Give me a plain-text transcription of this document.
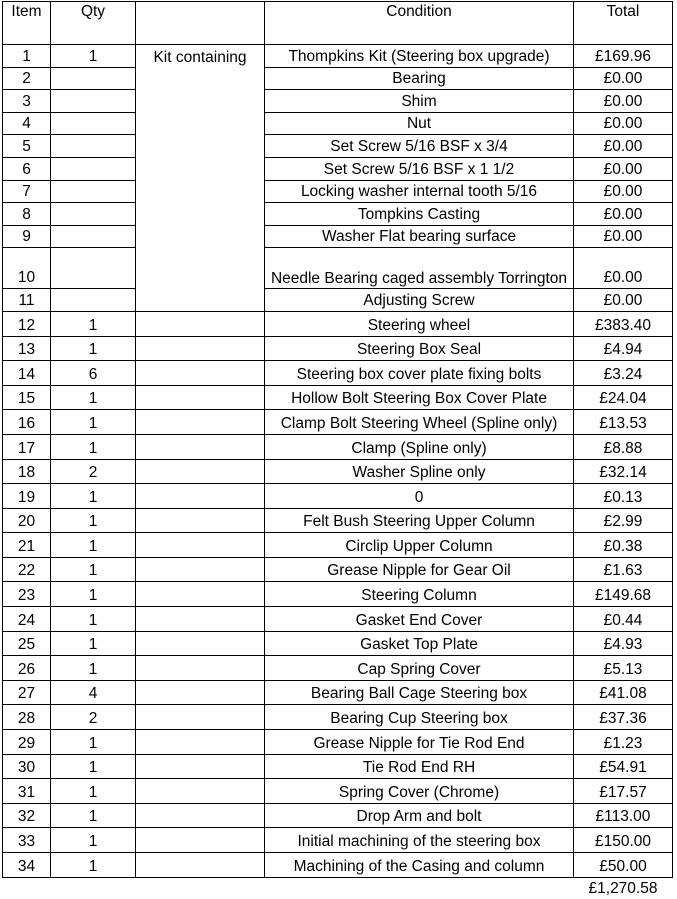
Item	Qty		Condition	Total
1	1	Kit containing	Thompkins Kit (Steering box upgrade)	£169.96
2			Bearing	£0.00
3			Shim	£0.00
4			Nut	£0.00
5			Set Screw 5/16 BSF x 3/4	£0.00
6			Set Screw 5/16 BSF x 1 1/2	£0.00
7			Locking washer internal tooth 5/16	£0.00
8			Tompkins Casting	£0.00
9			Washer Flat bearing surface	£0.00
10			Needle Bearing caged assembly Torrington	£0.00
11			Adjusting Screw	£0.00
12	1		Steering wheel	£383.40
13	1		Steering Box Seal	£4.94
14	6		Steering box cover plate fixing bolts	£3.24
15	1		Hollow Bolt Steering Box Cover Plate	£24.04
16	1		Clamp Bolt Steering Wheel (Spline only)	£13.53
17	1		Clamp (Spline only)	£8.88
18	2		Washer Spline only	£32.14
19	1		0	£0.13
20	1		Felt Bush Steering Upper Column	£2.99
21	1		Circlip Upper Column	£0.38
22	1		Grease Nipple for Gear Oil	£1.63
23	1		Steering Column	£149.68
24	1		Gasket End Cover	£0.44
25	1		Gasket Top Plate	£4.93
26	1		Cap Spring Cover	£5.13
27	4		Bearing Ball Cage Steering box	£41.08
28	2		Bearing Cup Steering box	£37.36
29	1		Grease Nipple for Tie Rod End	£1.23
30	1		Tie Rod End RH	£54.91
31	1		Spring Cover (Chrome)	£17.57
32	1		Drop Arm and bolt	£113.00
33	1		Initial machining of the steering box	£150.00
34	1		Machining of the Casing and column	£50.00
				£1,270.58
